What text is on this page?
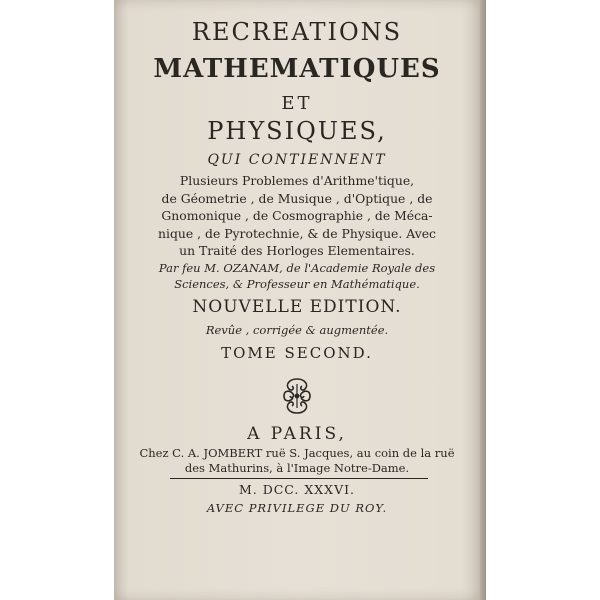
RECREATIONS
MATHEMATIQUES
ET
PHYSIQUES,
QUI CONTIENNENT
Plusieurs Problemes d'Arithme'tique,
de Géometrie , de Musique , d'Optique , de
Gnomonique , de Cosmographie , de Méca-
nique , de Pyrotechnie, & de Physique. Avec
un Traité des Horloges Elementaires.
Par feu M. OZANAM, de l'Academie Royale des
Sciences, & Professeur en Mathématique.
NOUVELLE EDITION.
Revûe , corrigée & augmentée.
TOME SECOND.
A PARIS,
Chez C. A. JOMBERT ruë S. Jacques, au coin de la ruë
des Mathurins, à l'Image Notre-Dame.
M. DCC. XXXVI.
AVEC PRIVILEGE DU ROY.
